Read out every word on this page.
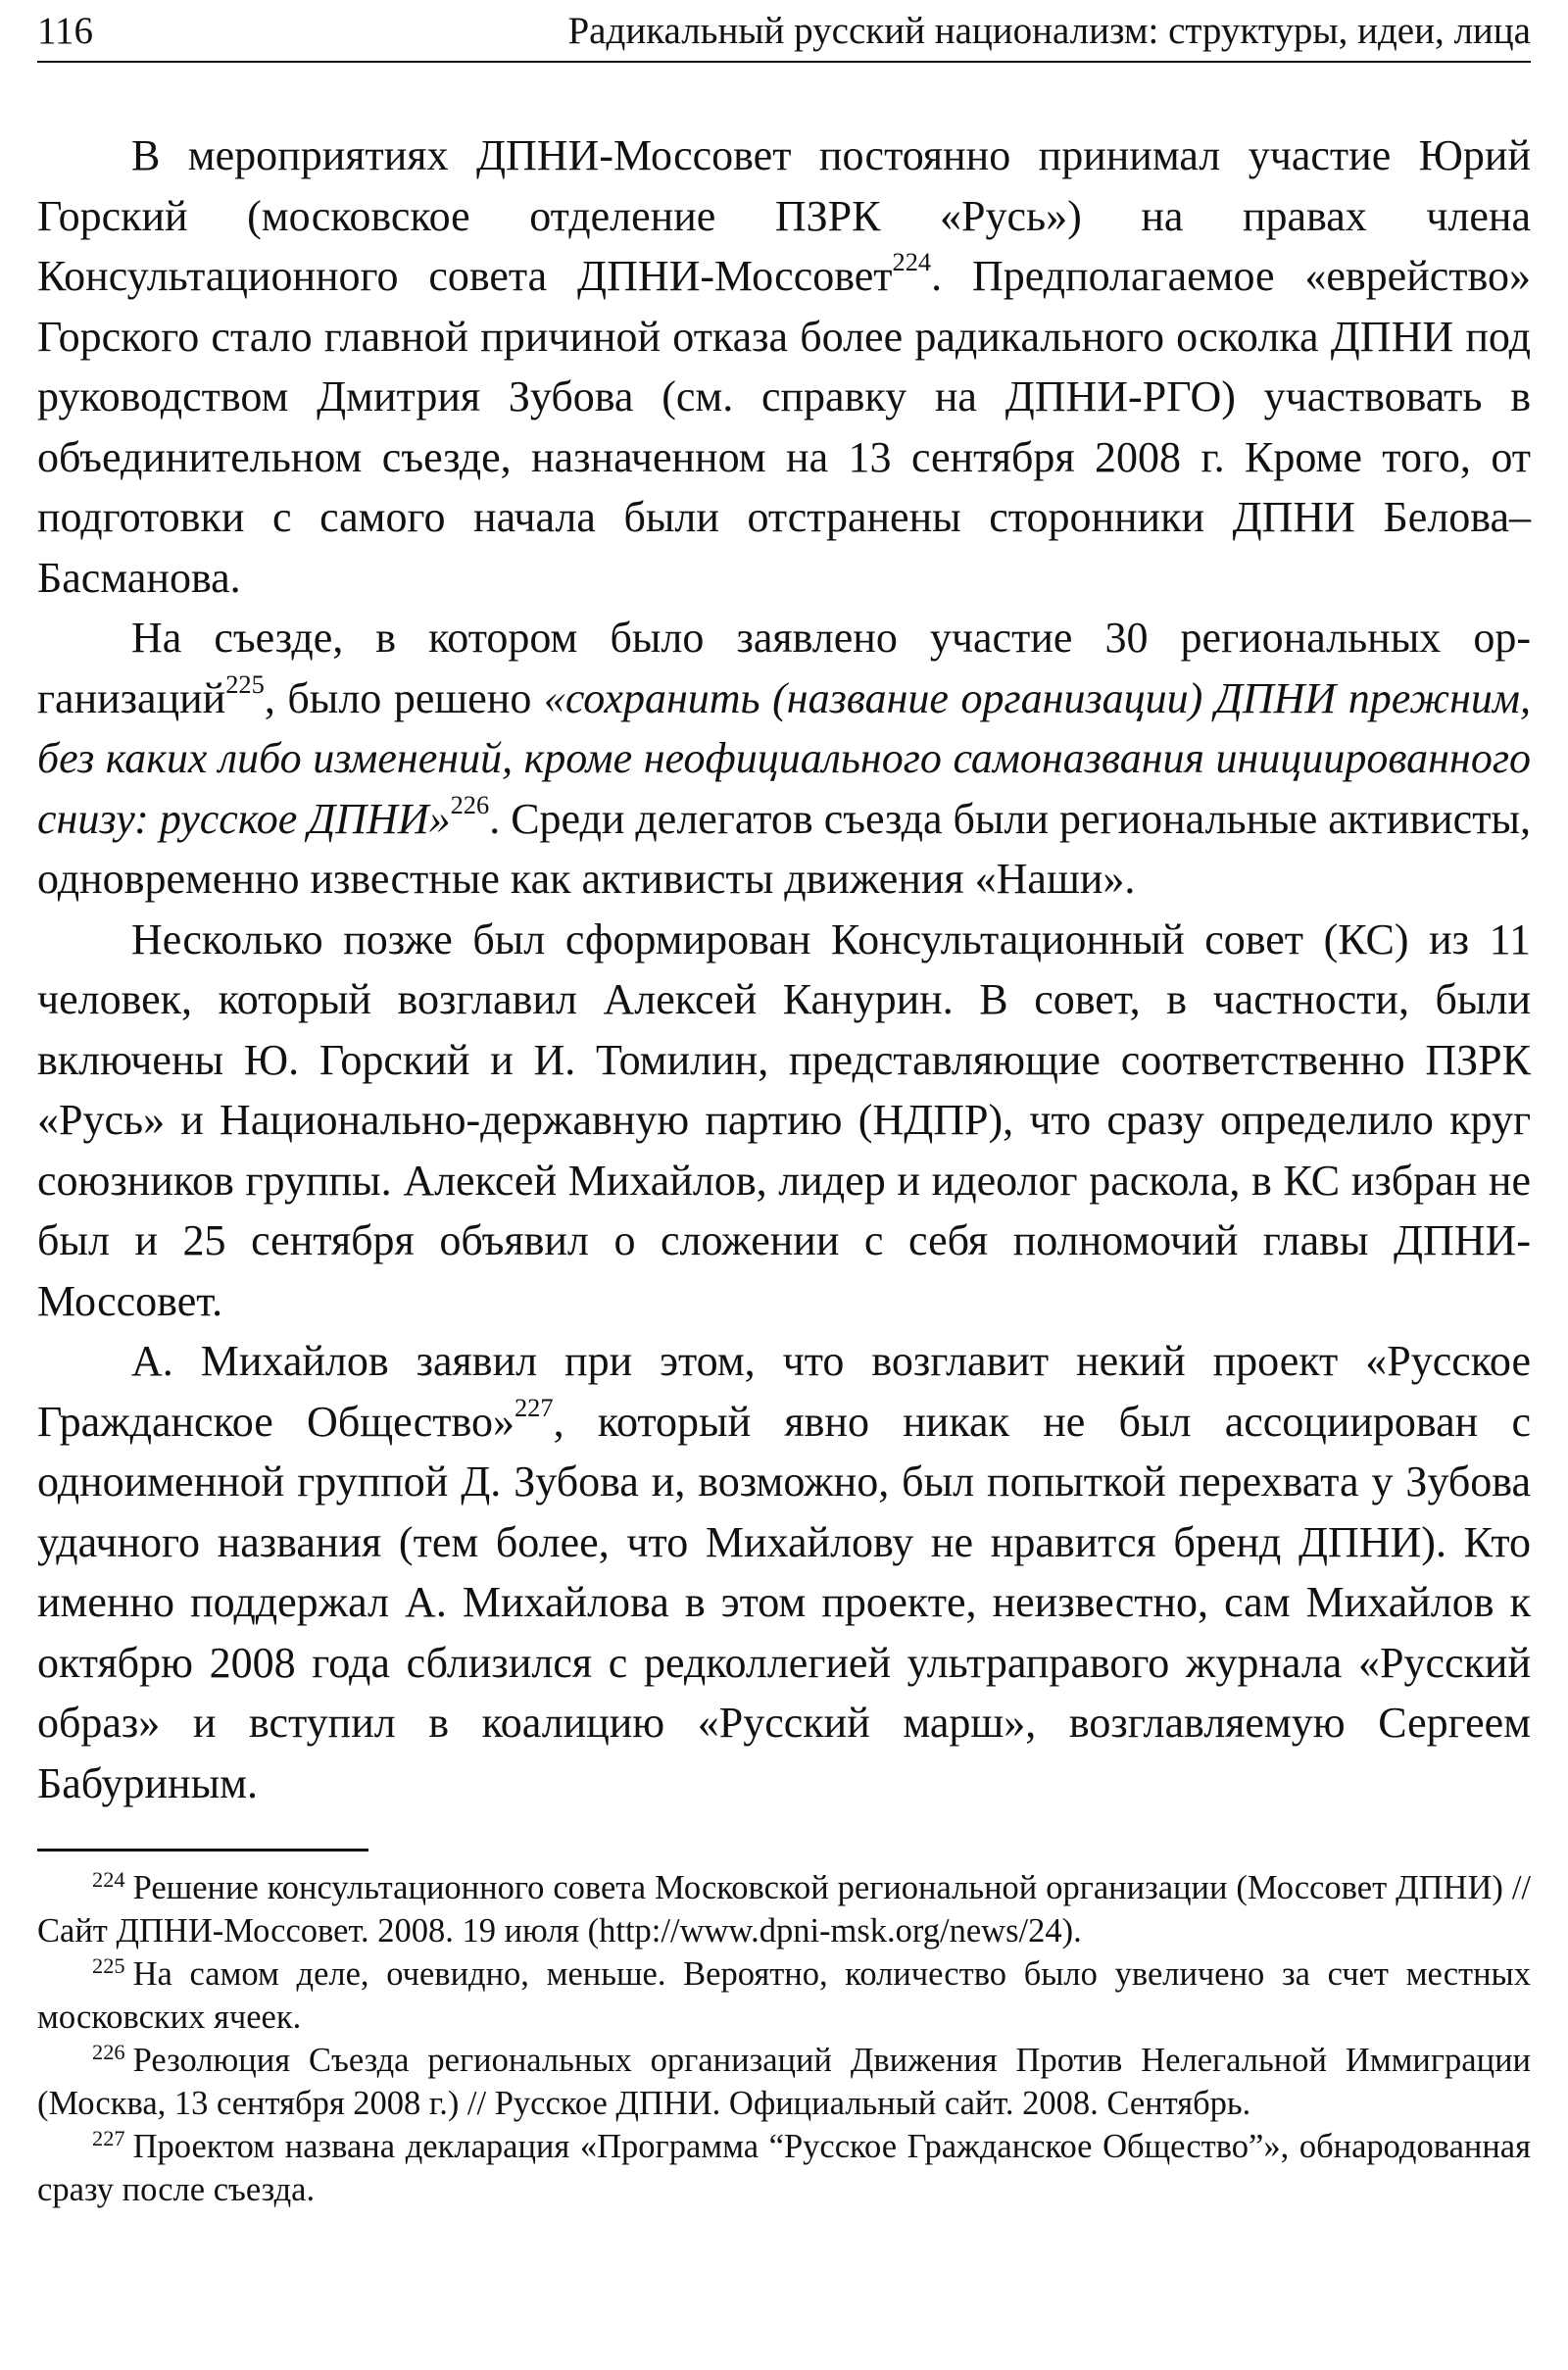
116	Радикальный русский национализм: структуры, идеи, лица

В мероприятиях ДПНИ-Моссовет постоянно принимал участие Юрий Горский (московское отделение ПЗРК «Русь») на правах члена Консультационного совета ДПНИ-Моссовет$^{224}$. Предполагаемое «еврейство» Горского стало главной причиной отказа более радикального осколка ДПНИ под руководством Дмитрия Зубова (см. справку на ДПНИ-РГО) участвовать в объединительном съезде, назначенном на 13 сентября 2008 г. Кроме того, от подготовки с самого начала были отстранены сторонники ДПНИ Белова–Басманова.

На съезде, в котором было заявлено участие 30 региональных организаций$^{225}$, было решено «сохранить (название организации) ДПНИ прежним, без каких либо изменений, кроме неофициального самоназвания инициированного снизу: русское ДПНИ»$^{226}$. Среди делегатов съезда были региональные активисты, одновременно известные как активисты движения «Наши».

Несколько позже был сформирован Консультационный совет (КС) из 11 человек, который возглавил Алексей Канурин. В совет, в частности, были включены Ю. Горский и И. Томилин, представляющие соответственно ПЗРК «Русь» и Национально-державную партию (НДПР), что сразу определило круг союзников группы. Алексей Михайлов, лидер и идеолог раскола, в КС избран не был и 25 сентября объявил о сложении с себя полномочий главы ДПНИ-Моссовет.

А. Михайлов заявил при этом, что возглавит некий проект «Русское Гражданское Общество»$^{227}$, который явно никак не был ассоциирован с одноименной группой Д. Зубова и, возможно, был попыткой перехвата у Зубова удачного названия (тем более, что Михайлову не нравится бренд ДПНИ). Кто именно поддержал А. Михайлова в этом проекте, неизвестно, сам Михайлов к октябрю 2008 года сблизился с редколлегией ультраправого журнала «Русский образ» и вступил в коалицию «Русский марш», возглавляемую Сергеем Бабуриным.

$^{224}$ Решение консультационного совета Московской региональной организации (Моссовет ДПНИ) // Сайт ДПНИ-Моссовет. 2008. 19 июля (http://www.dpni-msk.org/news/24).

$^{225}$ На самом деле, очевидно, меньше. Вероятно, количество было увеличено за счет местных московских ячеек.

$^{226}$ Резолюция Съезда региональных организаций Движения Против Нелегальной Иммиграции (Москва, 13 сентября 2008 г.) // Русское ДПНИ. Официальный сайт. 2008. Сентябрь.

$^{227}$ Проектом названа декларация «Программа “Русское Гражданское Общество”», обнародованная сразу после съезда.
